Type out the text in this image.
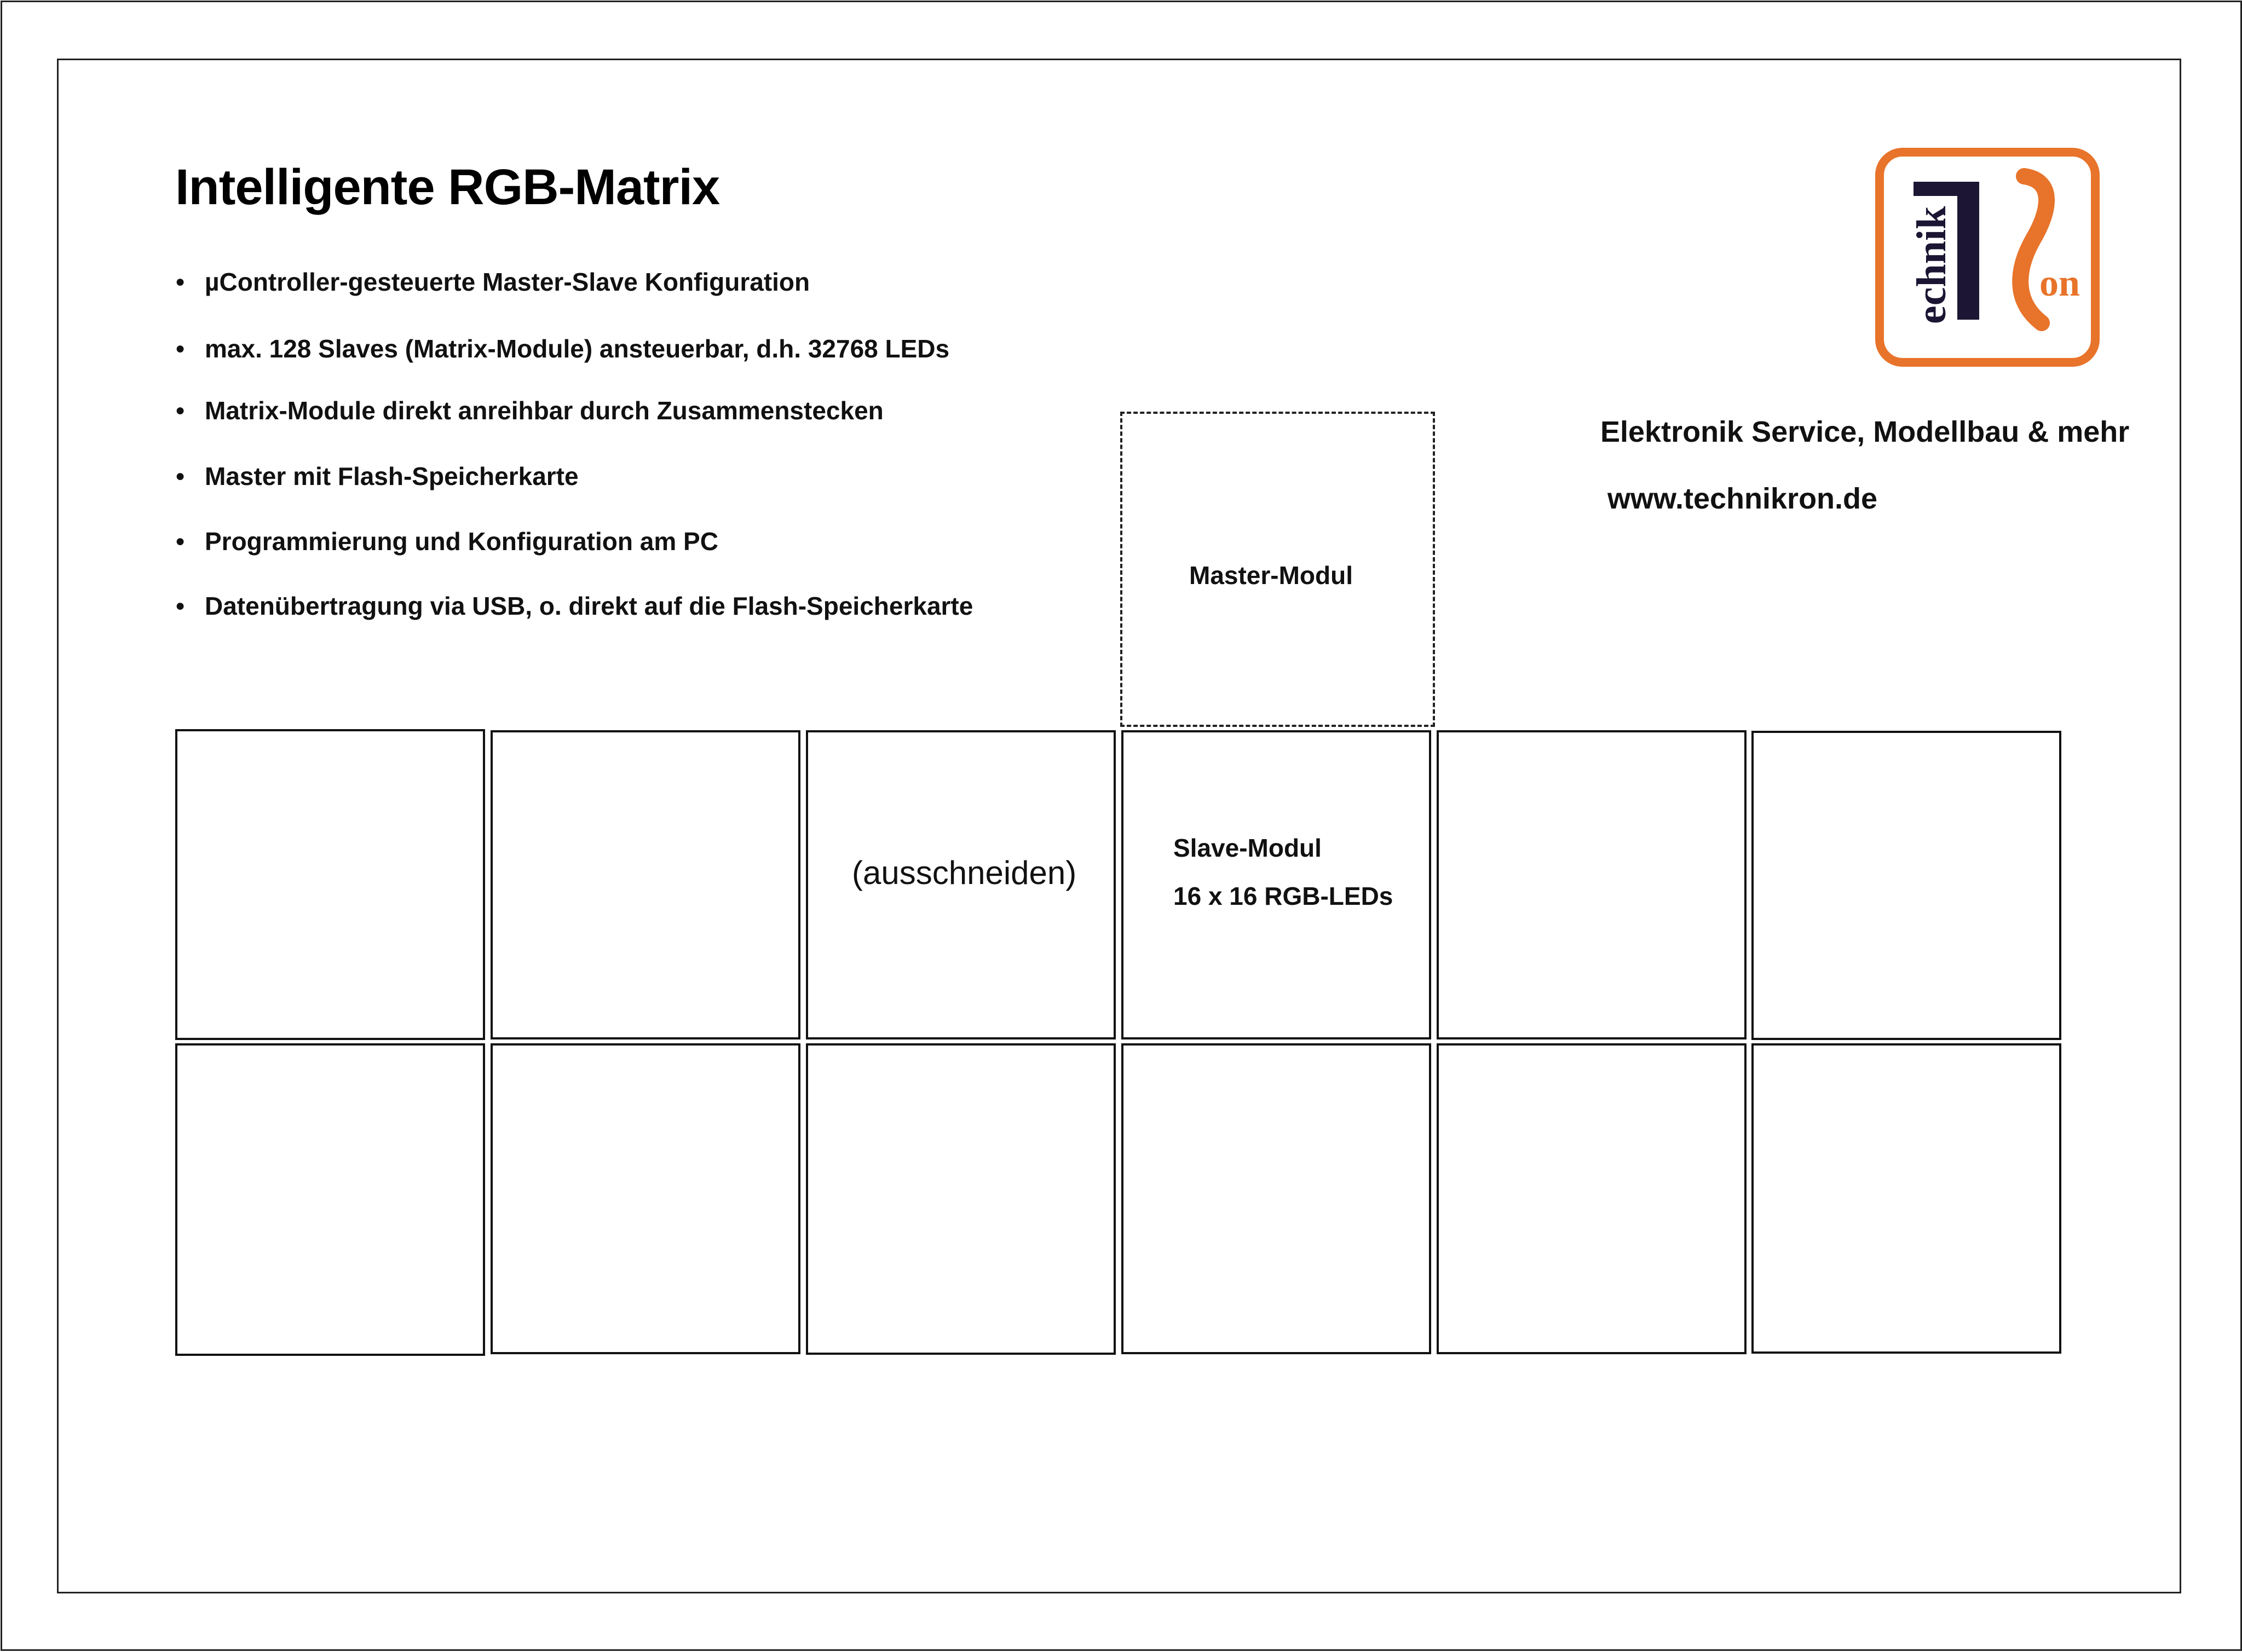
Intelligente RGB-Matrix
● µController-gesteuerte Master-Slave Konfiguration
● max. 128 Slaves (Matrix-Module) ansteuerbar, d.h. 32768 LEDs
● Matrix-Module direkt anreihbar durch Zusammenstecken
● Master mit Flash-Speicherkarte
● Programmierung und Konfiguration am PC
● Datenübertragung via USB, o. direkt auf die Flash-Speicherkarte
echnik on
Elektronik Service, Modellbau & mehr
www.technikron.de
Master-Modul
(ausschneiden)
Slave-Modul
16 x 16 RGB-LEDs
